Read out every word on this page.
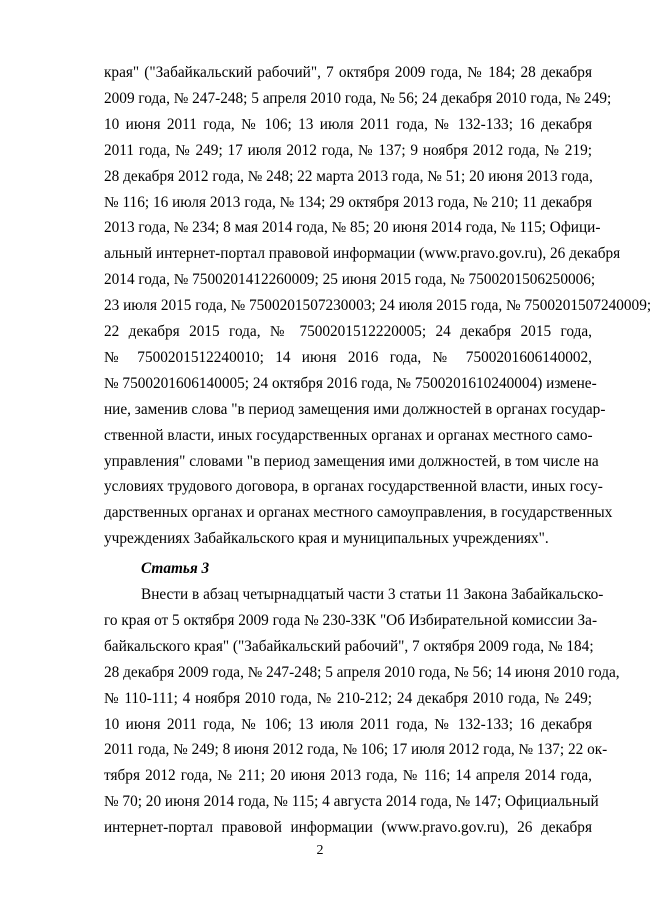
края" ("Забайкальский рабочий", 7 октября 2009 года, № 184; 28 декабря
2009 года, № 247-248; 5 апреля 2010 года, № 56; 24 декабря 2010 года, № 249;
10 июня 2011 года, № 106; 13 июля 2011 года, № 132-133; 16 декабря
2011 года, № 249; 17 июля 2012 года, № 137; 9 ноября 2012 года, № 219;
28 декабря 2012 года, № 248; 22 марта 2013 года, № 51; 20 июня 2013 года,
№ 116; 16 июля 2013 года, № 134; 29 октября 2013 года, № 210; 11 декабря
2013 года, № 234; 8 мая 2014 года, № 85; 20 июня 2014 года, № 115; Офици-
альный интернет-портал правовой информации (www.pravo.gov.ru), 26 декабря
2014 года, № 7500201412260009; 25 июня 2015 года, № 7500201506250006;
23 июля 2015 года, № 7500201507230003; 24 июля 2015 года, № 7500201507240009;
22 декабря 2015 года, № 7500201512220005; 24 декабря 2015 года,
№ 7500201512240010; 14 июня 2016 года, № 7500201606140002,
№ 7500201606140005; 24 октября 2016 года, № 7500201610240004) измене-
ние, заменив слова "в период замещения ими должностей в органах государ-
ственной власти, иных государственных органах и органах местного само-
управления" словами "в период замещения ими должностей, в том числе на
условиях трудового договора, в органах государственной власти, иных госу-
дарственных органах и органах местного самоуправления, в государственных
учреждениях Забайкальского края и муниципальных учреждениях".
Статья 3
Внести в абзац четырнадцатый части 3 статьи 11 Закона Забайкальско-
го края от 5 октября 2009 года № 230-ЗЗК "Об Избирательной комиссии За-
байкальского края" ("Забайкальский рабочий", 7 октября 2009 года, № 184;
28 декабря 2009 года, № 247-248; 5 апреля 2010 года, № 56; 14 июня 2010 года,
№ 110-111; 4 ноября 2010 года, № 210-212; 24 декабря 2010 года, № 249;
10 июня 2011 года, № 106; 13 июля 2011 года, № 132-133; 16 декабря
2011 года, № 249; 8 июня 2012 года, № 106; 17 июля 2012 года, № 137; 22 ок-
тября 2012 года, № 211; 20 июня 2013 года, № 116; 14 апреля 2014 года,
№ 70; 20 июня 2014 года, № 115; 4 августа 2014 года, № 147; Официальный
интернет-портал правовой информации (www.pravo.gov.ru), 26 декабря
2
